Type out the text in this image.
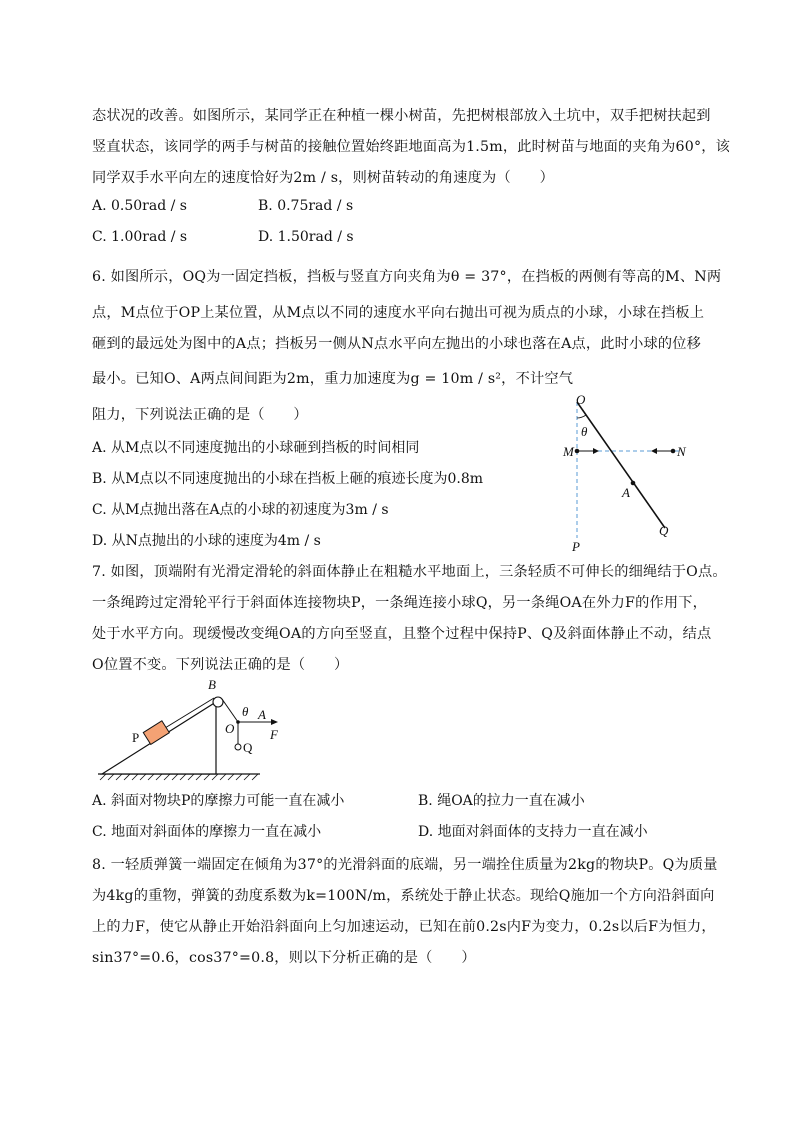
态状况的改善。如图所示，某同学正在种植一棵小树苗，先把树根部放入土坑中，双手把树扶起到
竖直状态，该同学的两手与树苗的接触位置始终距地面高为1.5m，此时树苗与地面的夹角为60°，该
同学双手水平向左的速度恰好为2m / s，则树苗转动的角速度为（　　）
A. 0.50rad / s	B. 0.75rad / s
C. 1.00rad / s	D. 1.50rad / s
6. 如图所示，OQ为一固定挡板，挡板与竖直方向夹角为θ = 37°，在挡板的两侧有等高的M、N两
点，M点位于OP上某位置，从M点以不同的速度水平向右抛出可视为质点的小球，小球在挡板上
砸到的最远处为图中的A点；挡板另一侧从N点水平向左抛出的小球也落在A点，此时小球的位移
最小。已知O、A两点间间距为2m，重力加速度为g = 10m / s²，不计空气
阻力，下列说法正确的是（　　）
A. 从M点以不同速度抛出的小球砸到挡板的时间相同
B. 从M点以不同速度抛出的小球在挡板上砸的痕迹长度为0.8m
C. 从M点抛出落在A点的小球的初速度为3m / s
D. 从N点抛出的小球的速度为4m / s
O
θ
M	N
A
Q
P
7. 如图，顶端附有光滑定滑轮的斜面体静止在粗糙水平地面上，三条轻质不可伸长的细绳结于O点。
一条绳跨过定滑轮平行于斜面体连接物块P，一条绳连接小球Q，另一条绳OA在外力F的作用下，
处于水平方向。现缓慢改变绳OA的方向至竖直，且整个过程中保持P、Q及斜面体静止不动，结点
O位置不变。下列说法正确的是（　　）
B
P
O
θ A
F
Q
A. 斜面对物块P的摩擦力可能一直在减小	B. 绳OA的拉力一直在减小
C. 地面对斜面体的摩擦力一直在减小	D. 地面对斜面体的支持力一直在减小
8. 一轻质弹簧一端固定在倾角为37°的光滑斜面的底端，另一端拴住质量为2kg的物块P。Q为质量
为4kg的重物，弹簧的劲度系数为k=100N/m，系统处于静止状态。现给Q施加一个方向沿斜面向
上的力F，使它从静止开始沿斜面向上匀加速运动，已知在前0.2s内F为变力，0.2s以后F为恒力，
sin37°=0.6，cos37°=0.8，则以下分析正确的是（　　）
